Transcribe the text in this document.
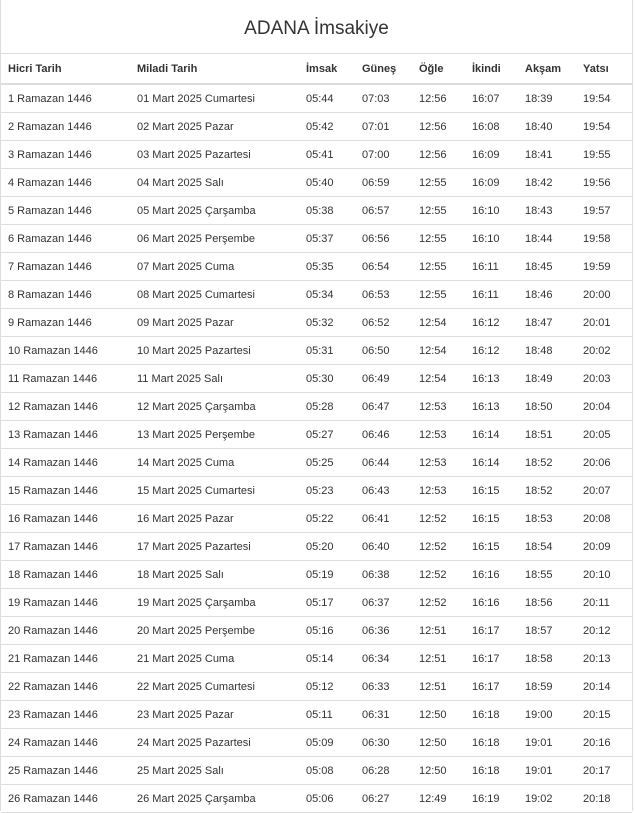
ADANA İmsakiye
Hicri Tarih	Miladi Tarih	İmsak	Güneş	Öğle	İkindi	Akşam	Yatsı
1 Ramazan 1446	01 Mart 2025 Cumartesi	05:44	07:03	12:56	16:07	18:39	19:54
2 Ramazan 1446	02 Mart 2025 Pazar	05:42	07:01	12:56	16:08	18:40	19:54
3 Ramazan 1446	03 Mart 2025 Pazartesi	05:41	07:00	12:56	16:09	18:41	19:55
4 Ramazan 1446	04 Mart 2025 Salı	05:40	06:59	12:55	16:09	18:42	19:56
5 Ramazan 1446	05 Mart 2025 Çarşamba	05:38	06:57	12:55	16:10	18:43	19:57
6 Ramazan 1446	06 Mart 2025 Perşembe	05:37	06:56	12:55	16:10	18:44	19:58
7 Ramazan 1446	07 Mart 2025 Cuma	05:35	06:54	12:55	16:11	18:45	19:59
8 Ramazan 1446	08 Mart 2025 Cumartesi	05:34	06:53	12:55	16:11	18:46	20:00
9 Ramazan 1446	09 Mart 2025 Pazar	05:32	06:52	12:54	16:12	18:47	20:01
10 Ramazan 1446	10 Mart 2025 Pazartesi	05:31	06:50	12:54	16:12	18:48	20:02
11 Ramazan 1446	11 Mart 2025 Salı	05:30	06:49	12:54	16:13	18:49	20:03
12 Ramazan 1446	12 Mart 2025 Çarşamba	05:28	06:47	12:53	16:13	18:50	20:04
13 Ramazan 1446	13 Mart 2025 Perşembe	05:27	06:46	12:53	16:14	18:51	20:05
14 Ramazan 1446	14 Mart 2025 Cuma	05:25	06:44	12:53	16:14	18:52	20:06
15 Ramazan 1446	15 Mart 2025 Cumartesi	05:23	06:43	12:53	16:15	18:52	20:07
16 Ramazan 1446	16 Mart 2025 Pazar	05:22	06:41	12:52	16:15	18:53	20:08
17 Ramazan 1446	17 Mart 2025 Pazartesi	05:20	06:40	12:52	16:15	18:54	20:09
18 Ramazan 1446	18 Mart 2025 Salı	05:19	06:38	12:52	16:16	18:55	20:10
19 Ramazan 1446	19 Mart 2025 Çarşamba	05:17	06:37	12:52	16:16	18:56	20:11
20 Ramazan 1446	20 Mart 2025 Perşembe	05:16	06:36	12:51	16:17	18:57	20:12
21 Ramazan 1446	21 Mart 2025 Cuma	05:14	06:34	12:51	16:17	18:58	20:13
22 Ramazan 1446	22 Mart 2025 Cumartesi	05:12	06:33	12:51	16:17	18:59	20:14
23 Ramazan 1446	23 Mart 2025 Pazar	05:11	06:31	12:50	16:18	19:00	20:15
24 Ramazan 1446	24 Mart 2025 Pazartesi	05:09	06:30	12:50	16:18	19:01	20:16
25 Ramazan 1446	25 Mart 2025 Salı	05:08	06:28	12:50	16:18	19:01	20:17
26 Ramazan 1446	26 Mart 2025 Çarşamba	05:06	06:27	12:49	16:19	19:02	20:18
